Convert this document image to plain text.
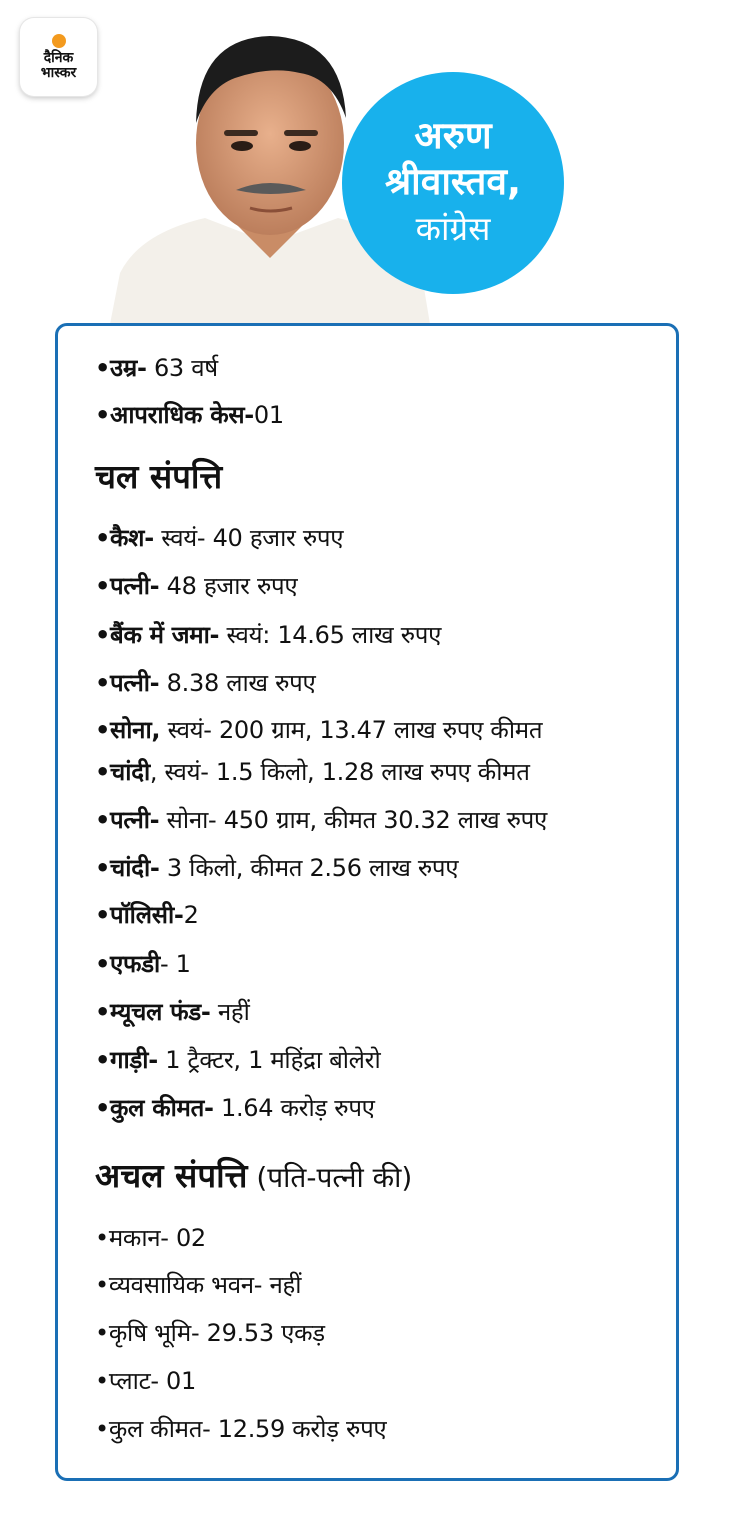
दैनिक
भास्कर
अरुण
श्रीवास्तव,
कांग्रेस
•उम्र- 63 वर्ष
•आपराधिक केस-01
चल संपत्ति
•कैश- स्वयं- 40 हजार रुपए
•पत्नी- 48 हजार रुपए
•बैंक में जमा- स्वयं: 14.65 लाख रुपए
•पत्नी- 8.38 लाख रुपए
•सोना, स्वयं- 200 ग्राम, 13.47 लाख रुपए कीमत
•चांदी, स्वयं- 1.5 किलो, 1.28 लाख रुपए कीमत
•पत्नी- सोना- 450 ग्राम, कीमत 30.32 लाख रुपए
•चांदी- 3 किलो, कीमत 2.56 लाख रुपए
•पॉलिसी-2
•एफडी- 1
•म्यूचल फंड- नहीं
•गाड़ी- 1 ट्रैक्टर, 1 महिंद्रा बोलेरो
•कुल कीमत- 1.64 करोड़ रुपए
अचल संपत्ति (पति-पत्नी की)
•मकान- 02
•व्यवसायिक भवन- नहीं
•कृषि भूमि- 29.53 एकड़
•प्लाट- 01
•कुल कीमत- 12.59 करोड़ रुपए
